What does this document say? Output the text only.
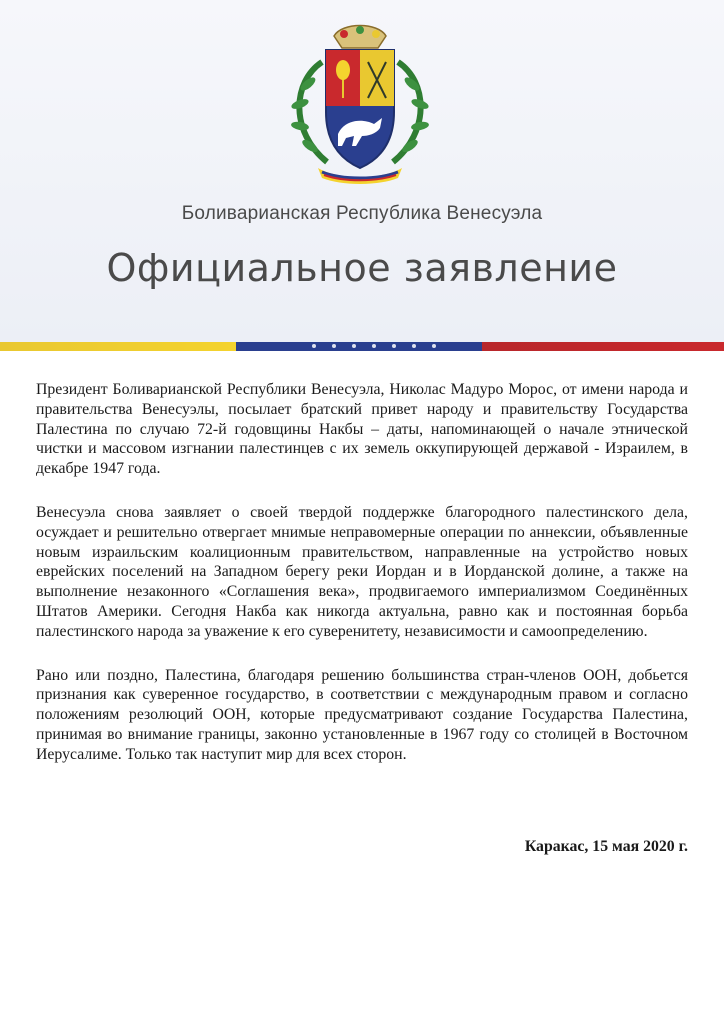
Боливарианская Республика Венесуэла
Официальное заявление

Президент Боливарианской Республики Венесуэла, Николас Мадуро Морос, от имени народа и правительства Венесуэлы, посылает братский привет народу и правительству Государства Палестина по случаю 72-й годовщины Накбы – даты, напоминающей о начале этнической чистки и массовом изгнании палестинцев с их земель оккупирующей державой - Израилем, в декабре 1947 года.

Венесуэла снова заявляет о своей твердой поддержке благородного палестинского дела, осуждает и решительно отвергает мнимые неправомерные операции по аннексии, объявленные новым израильским коалиционным правительством, направленные на устройство новых еврейских поселений на Западном берегу реки Иордан и в Иорданской долине, а также на выполнение незаконного «Соглашения века», продвигаемого империализмом Соединённых Штатов Америки. Сегодня Накба как никогда актуальна, равно как и постоянная борьба палестинского народа за уважение к его суверенитету, независимости и самоопределению.

Рано или поздно, Палестина, благодаря решению большинства стран-членов ООН, добьется признания как суверенное государство, в соответствии с международным правом и согласно положениям резолюций ООН, которые предусматривают создание Государства Палестина, принимая во внимание границы, законно установленные в 1967 году со столицей в Восточном Иерусалиме. Только так наступит мир для всех сторон.

Каракас, 15 мая 2020 г.
